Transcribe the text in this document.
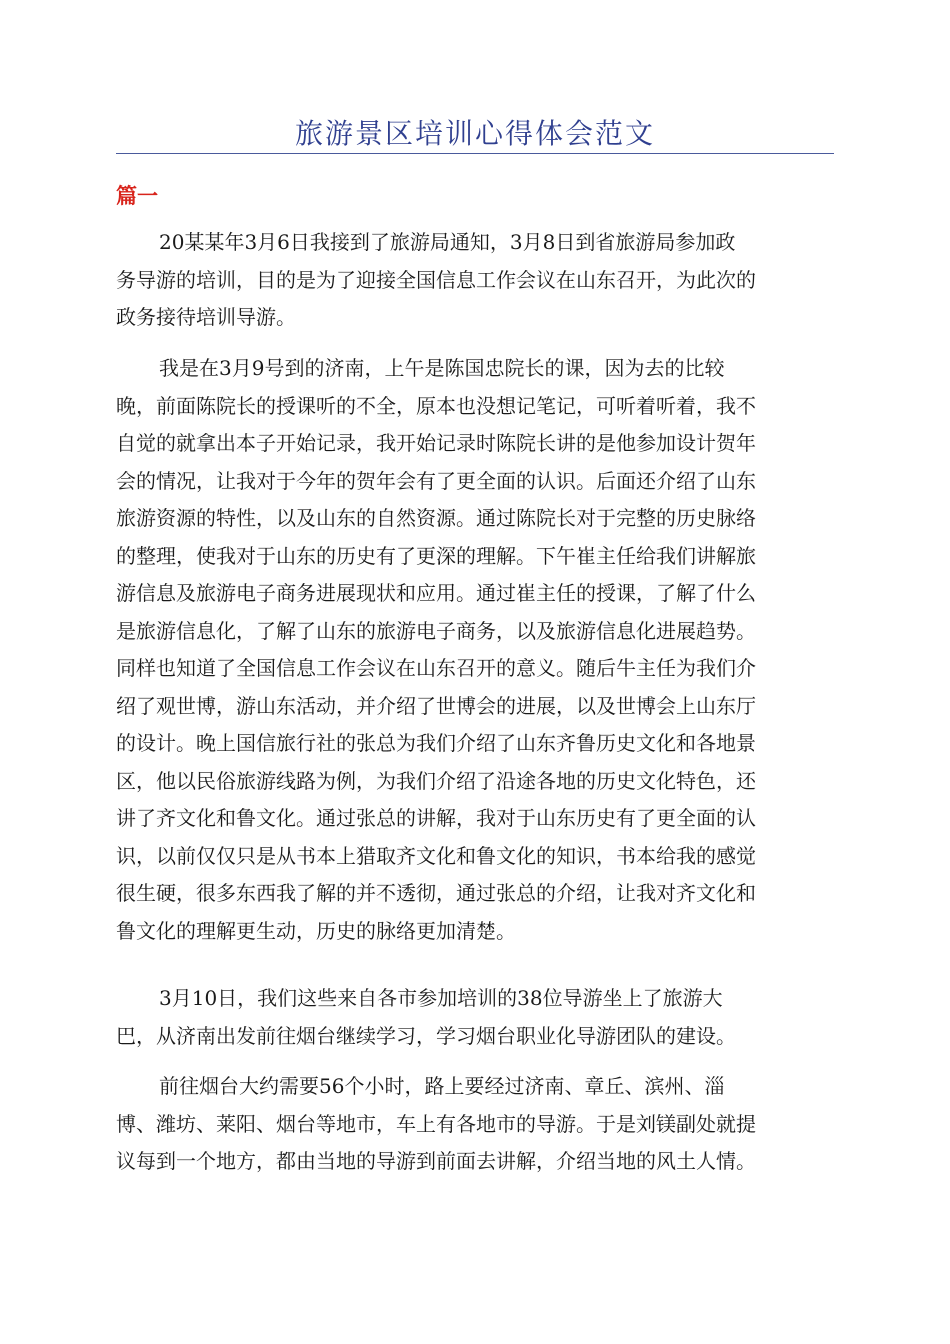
旅游景区培训心得体会范文
篇一
20某某年3月6日我接到了旅游局通知，3月8日到省旅游局参加政
务导游的培训，目的是为了迎接全国信息工作会议在山东召开，为此次的
政务接待培训导游。
我是在3月9号到的济南，上午是陈国忠院长的课，因为去的比较
晚，前面陈院长的授课听的不全，原本也没想记笔记，可听着听着，我不
自觉的就拿出本子开始记录，我开始记录时陈院长讲的是他参加设计贺年
会的情况，让我对于今年的贺年会有了更全面的认识。后面还介绍了山东
旅游资源的特性，以及山东的自然资源。通过陈院长对于完整的历史脉络
的整理，使我对于山东的历史有了更深的理解。下午崔主任给我们讲解旅
游信息及旅游电子商务进展现状和应用。通过崔主任的授课，了解了什么
是旅游信息化，了解了山东的旅游电子商务，以及旅游信息化进展趋势。
同样也知道了全国信息工作会议在山东召开的意义。随后牛主任为我们介
绍了观世博，游山东活动，并介绍了世博会的进展，以及世博会上山东厅
的设计。晚上国信旅行社的张总为我们介绍了山东齐鲁历史文化和各地景
区，他以民俗旅游线路为例，为我们介绍了沿途各地的历史文化特色，还
讲了齐文化和鲁文化。通过张总的讲解，我对于山东历史有了更全面的认
识，以前仅仅只是从书本上猎取齐文化和鲁文化的知识，书本给我的感觉
很生硬，很多东西我了解的并不透彻，通过张总的介绍，让我对齐文化和
鲁文化的理解更生动，历史的脉络更加清楚。
3月10日，我们这些来自各市参加培训的38位导游坐上了旅游大
巴，从济南出发前往烟台继续学习，学习烟台职业化导游团队的建设。
前往烟台大约需要56个小时，路上要经过济南、章丘、滨州、淄
博、潍坊、莱阳、烟台等地市，车上有各地市的导游。于是刘镁副处就提
议每到一个地方，都由当地的导游到前面去讲解，介绍当地的风土人情。
